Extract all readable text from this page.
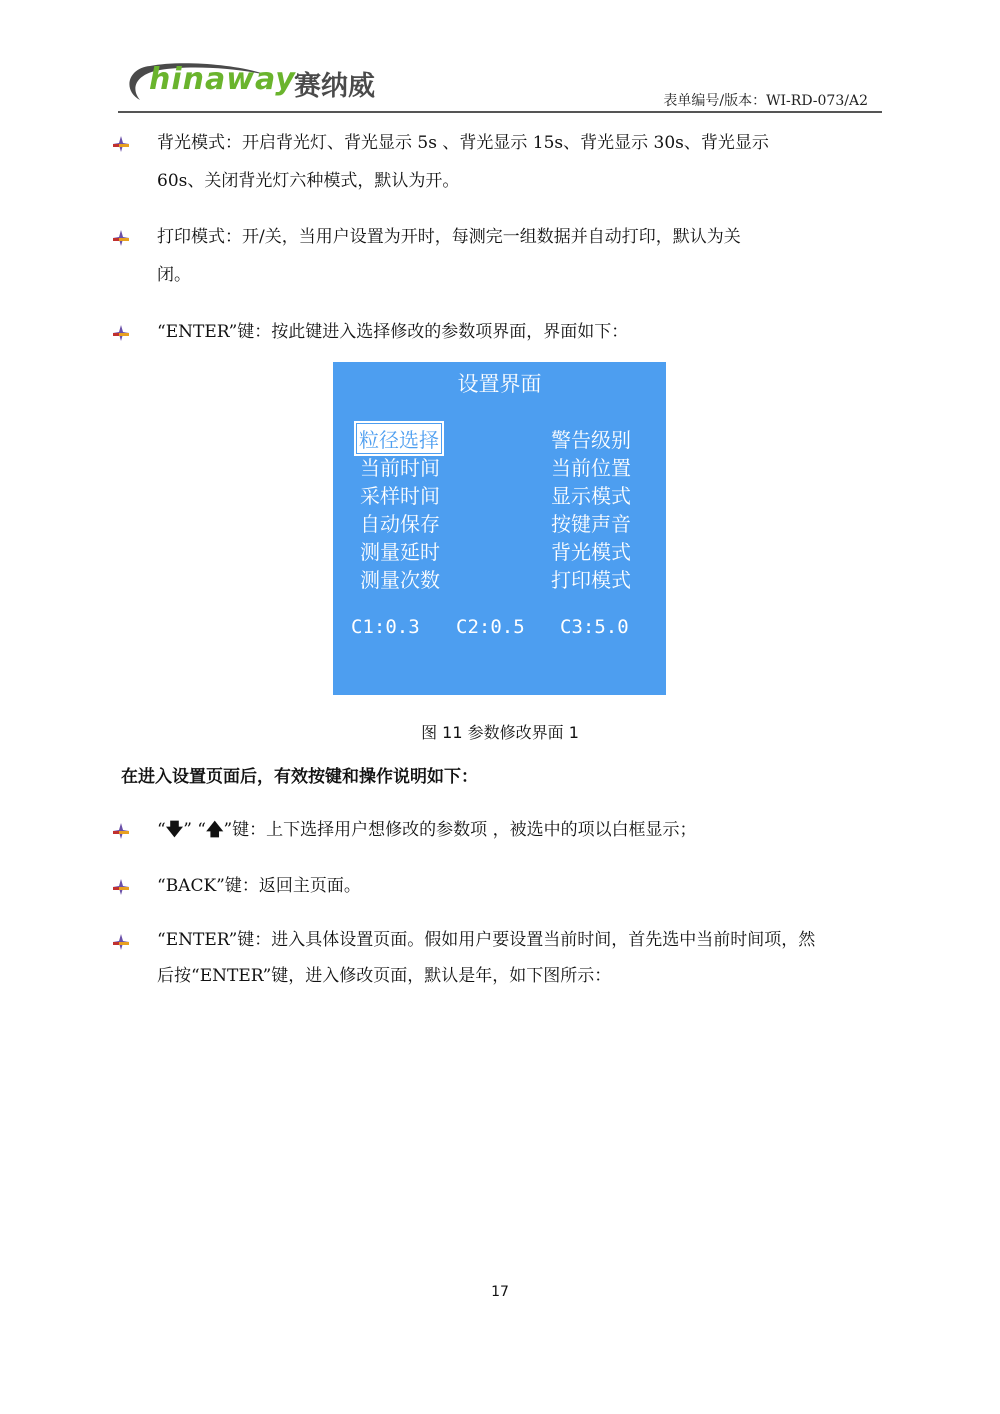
hinaway
赛纳威	表单编号/版本：WI-RD-073/A2
背光模式：开启背光灯、背光显示 5s 、背光显示 15s、背光显示 30s、背光显示
60s、关闭背光灯六种模式，默认为开。
打印模式：开/关，当用户设置为开时，每测完一组数据并自动打印，默认为关
闭。
“ENTER”键：按此键进入选择修改的参数项界面，界面如下：
设置界面
粒径选择
当前时间
采样时间
自动保存
测量延时
测量次数
警告级别
当前位置
显示模式
按键声音
背光模式
打印模式
C1:0.3 C2:0.5 C3:5.0
图 11 参数修改界面 1
在进入设置页面后，有效按键和操作说明如下：
“🡇” “🡅”键：上下选择用户想修改的参数项 ，被选中的项以白框显示；
“BACK”键：返回主页面。
“ENTER”键：进入具体设置页面。假如用户要设置当前时间，首先选中当前时间项，然
后按“ENTER”键，进入修改页面，默认是年，如下图所示：
17
